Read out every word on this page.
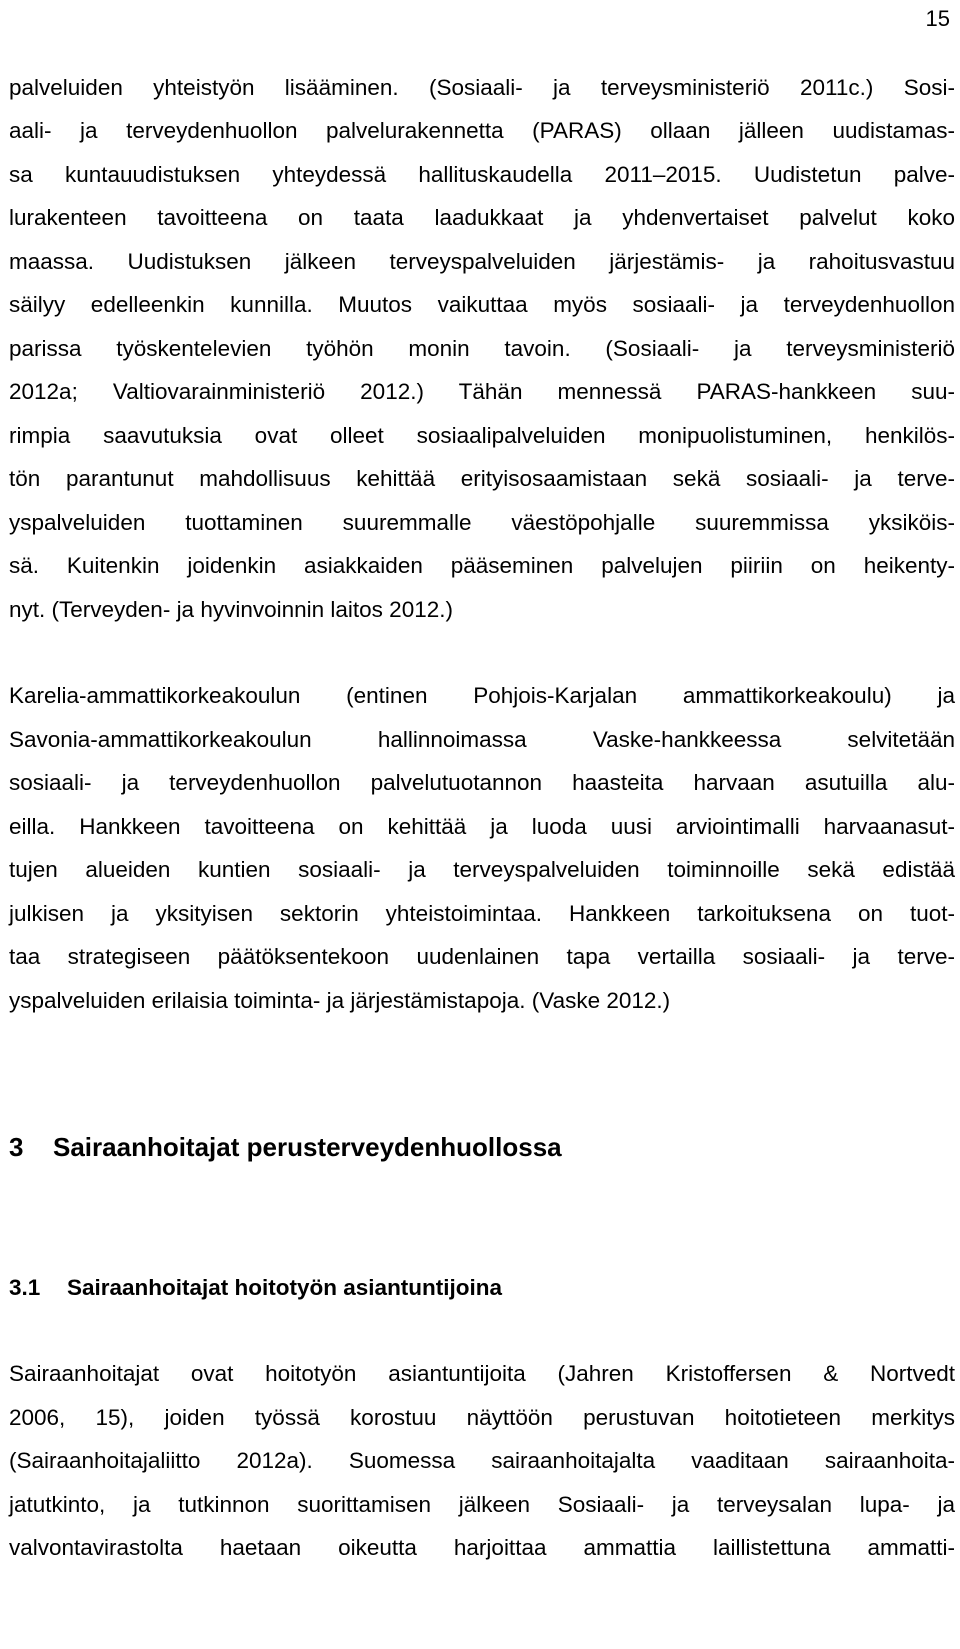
15
palveluiden yhteistyön lisääminen. (Sosiaali- ja terveysministeriö 2011c.) Sosi-
aali- ja terveydenhuollon palvelurakennetta (PARAS) ollaan jälleen uudistamas-
sa kuntauudistuksen yhteydessä hallituskaudella 2011–2015. Uudistetun palve-
lurakenteen tavoitteena on taata laadukkaat ja yhdenvertaiset palvelut koko
maassa. Uudistuksen jälkeen terveyspalveluiden järjestämis- ja rahoitusvastuu
säilyy edelleenkin kunnilla. Muutos vaikuttaa myös sosiaali- ja terveydenhuollon
parissa työskentelevien työhön monin tavoin. (Sosiaali- ja terveysministeriö
2012a; Valtiovarainministeriö 2012.) Tähän mennessä PARAS-hankkeen suu-
rimpia saavutuksia ovat olleet sosiaalipalveluiden monipuolistuminen, henkilös-
tön parantunut mahdollisuus kehittää erityisosaamistaan sekä sosiaali- ja terve-
yspalveluiden tuottaminen suuremmalle väestöpohjalle suuremmissa yksiköis-
sä. Kuitenkin joidenkin asiakkaiden pääseminen palvelujen piiriin on heikenty-
nyt. (Terveyden- ja hyvinvoinnin laitos 2012.)
Karelia-ammattikorkeakoulun (entinen Pohjois-Karjalan ammattikorkeakoulu) ja
Savonia-ammattikorkeakoulun hallinnoimassa Vaske-hankkeessa selvitetään
sosiaali- ja terveydenhuollon palvelutuotannon haasteita harvaan asutuilla alu-
eilla. Hankkeen tavoitteena on kehittää ja luoda uusi arviointimalli harvaanasut-
tujen alueiden kuntien sosiaali- ja terveyspalveluiden toiminnoille sekä edistää
julkisen ja yksityisen sektorin yhteistoimintaa. Hankkeen tarkoituksena on tuot-
taa strategiseen päätöksentekoon uudenlainen tapa vertailla sosiaali- ja terve-
yspalveluiden erilaisia toiminta- ja järjestämistapoja. (Vaske 2012.)
3 Sairaanhoitajat perusterveydenhuollossa
3.1 Sairaanhoitajat hoitotyön asiantuntijoina
Sairaanhoitajat ovat hoitotyön asiantuntijoita (Jahren Kristoffersen & Nortvedt
2006, 15), joiden työssä korostuu näyttöön perustuvan hoitotieteen merkitys
(Sairaanhoitajaliitto 2012a). Suomessa sairaanhoitajalta vaaditaan sairaanhoita-
jatutkinto, ja tutkinnon suorittamisen jälkeen Sosiaali- ja terveysalan lupa- ja
valvontavirastolta haetaan oikeutta harjoittaa ammattia laillistettuna ammatti-
